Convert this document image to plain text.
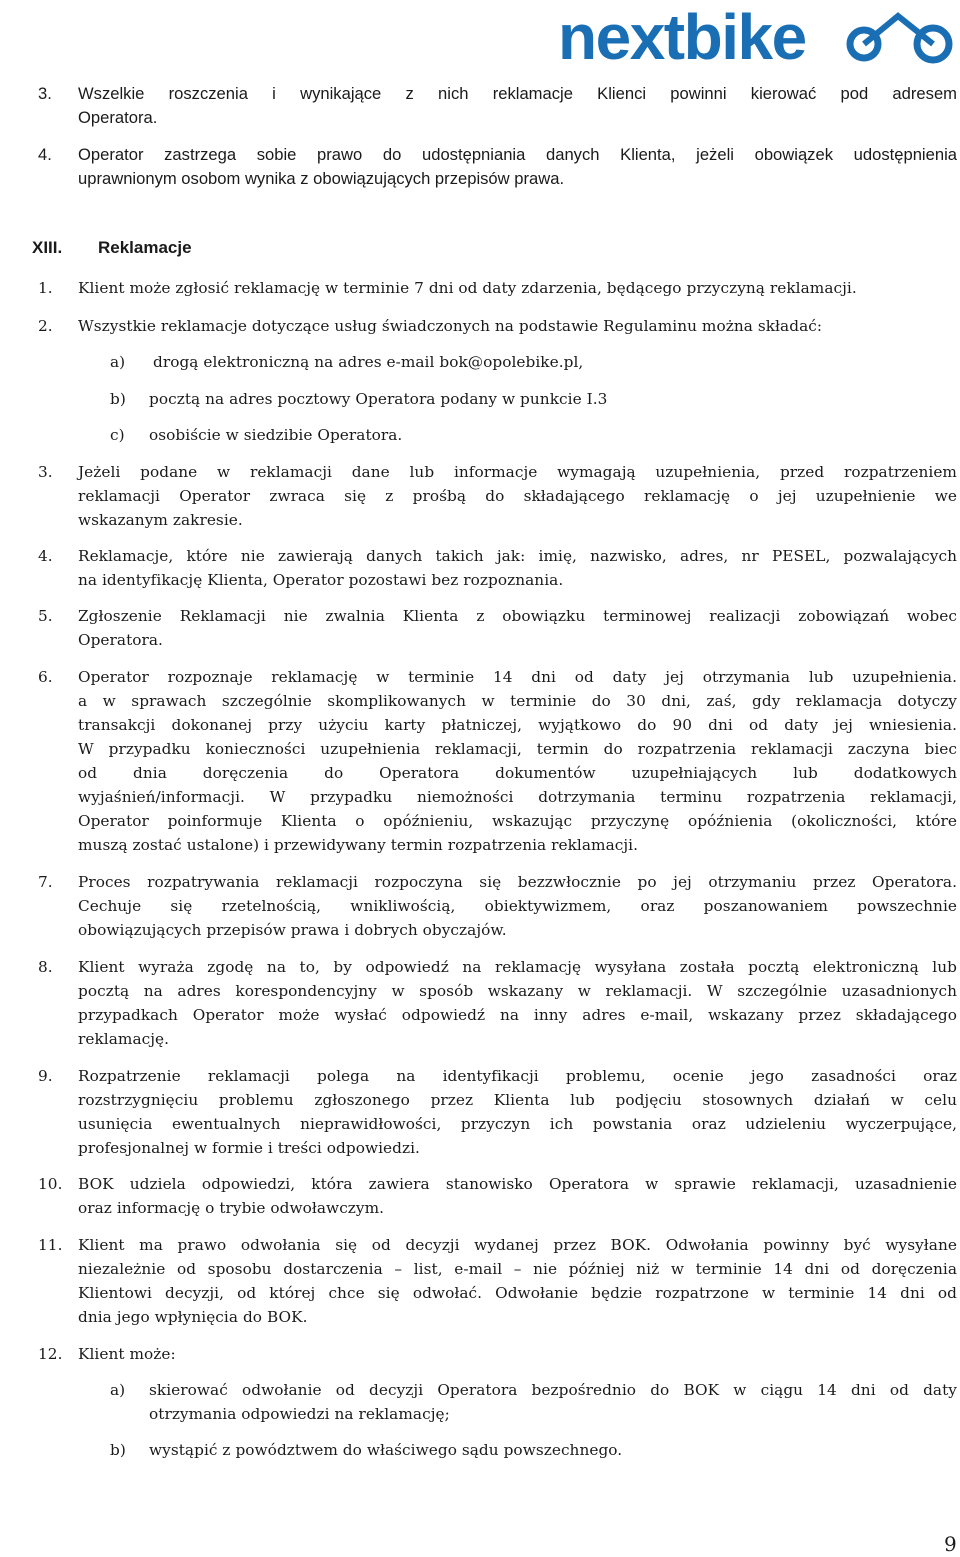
nextbike
3.	Wszelkie roszczenia i wynikające z nich reklamacje Klienci powinni kierować pod adresem
Operatora.
4.	Operator zastrzega sobie prawo do udostępniania danych Klienta, jeżeli obowiązek udostępnienia
uprawnionym osobom wynika z obowiązujących przepisów prawa.
XIII. Reklamacje
1.	Klient może zgłosić reklamację w terminie 7 dni od daty zdarzenia, będącego przyczyną reklamacji.
2.	Wszystkie reklamacje dotyczące usług świadczonych na podstawie Regulaminu można składać:
a) drogą elektroniczną na adres e-mail bok@opolebike.pl,
b) pocztą na adres pocztowy Operatora podany w punkcie I.3
c) osobiście w siedzibie Operatora.
3.	Jeżeli podane w reklamacji dane lub informacje wymagają uzupełnienia, przed rozpatrzeniem
reklamacji Operator zwraca się z prośbą do składającego reklamację o jej uzupełnienie we
wskazanym zakresie.
4.	Reklamacje, które nie zawierają danych takich jak: imię, nazwisko, adres, nr PESEL, pozwalających
na identyfikację Klienta, Operator pozostawi bez rozpoznania.
5.	Zgłoszenie Reklamacji nie zwalnia Klienta z obowiązku terminowej realizacji zobowiązań wobec
Operatora.
6.	Operator rozpoznaje reklamację w terminie 14 dni od daty jej otrzymania lub uzupełnienia.
a w sprawach szczególnie skomplikowanych w terminie do 30 dni, zaś, gdy reklamacja dotyczy
transakcji dokonanej przy użyciu karty płatniczej, wyjątkowo do 90 dni od daty jej wniesienia.
W przypadku konieczności uzupełnienia reklamacji, termin do rozpatrzenia reklamacji zaczyna biec
od dnia doręczenia do Operatora dokumentów uzupełniających lub dodatkowych
wyjaśnień/informacji. W przypadku niemożności dotrzymania terminu rozpatrzenia reklamacji,
Operator poinformuje Klienta o opóźnieniu, wskazując przyczynę opóźnienia (okoliczności, które
muszą zostać ustalone) i przewidywany termin rozpatrzenia reklamacji.
7.	Proces rozpatrywania reklamacji rozpoczyna się bezzwłocznie po jej otrzymaniu przez Operatora.
Cechuje się rzetelnością, wnikliwością, obiektywizmem, oraz poszanowaniem powszechnie
obowiązujących przepisów prawa i dobrych obyczajów.
8.	Klient wyraża zgodę na to, by odpowiedź na reklamację wysyłana została pocztą elektroniczną lub
pocztą na adres korespondencyjny w sposób wskazany w reklamacji. W szczególnie uzasadnionych
przypadkach Operator może wysłać odpowiedź na inny adres e-mail, wskazany przez składającego
reklamację.
9.	Rozpatrzenie reklamacji polega na identyfikacji problemu, ocenie jego zasadności oraz
rozstrzygnięciu problemu zgłoszonego przez Klienta lub podjęciu stosownych działań w celu
usunięcia ewentualnych nieprawidłowości, przyczyn ich powstania oraz udzieleniu wyczerpujące,
profesjonalnej w formie i treści odpowiedzi.
10.	BOK udziela odpowiedzi, która zawiera stanowisko Operatora w sprawie reklamacji, uzasadnienie
oraz informację o trybie odwoławczym.
11.	Klient ma prawo odwołania się od decyzji wydanej przez BOK. Odwołania powinny być wysyłane
niezależnie od sposobu dostarczenia – list, e-mail – nie później niż w terminie 14 dni od doręczenia
Klientowi decyzji, od której chce się odwołać. Odwołanie będzie rozpatrzone w terminie 14 dni od
dnia jego wpłynięcia do BOK.
12.	Klient może:
a) skierować odwołanie od decyzji Operatora bezpośrednio do BOK w ciągu 14 dni od daty
otrzymania odpowiedzi na reklamację;
b) wystąpić z powództwem do właściwego sądu powszechnego.
9
